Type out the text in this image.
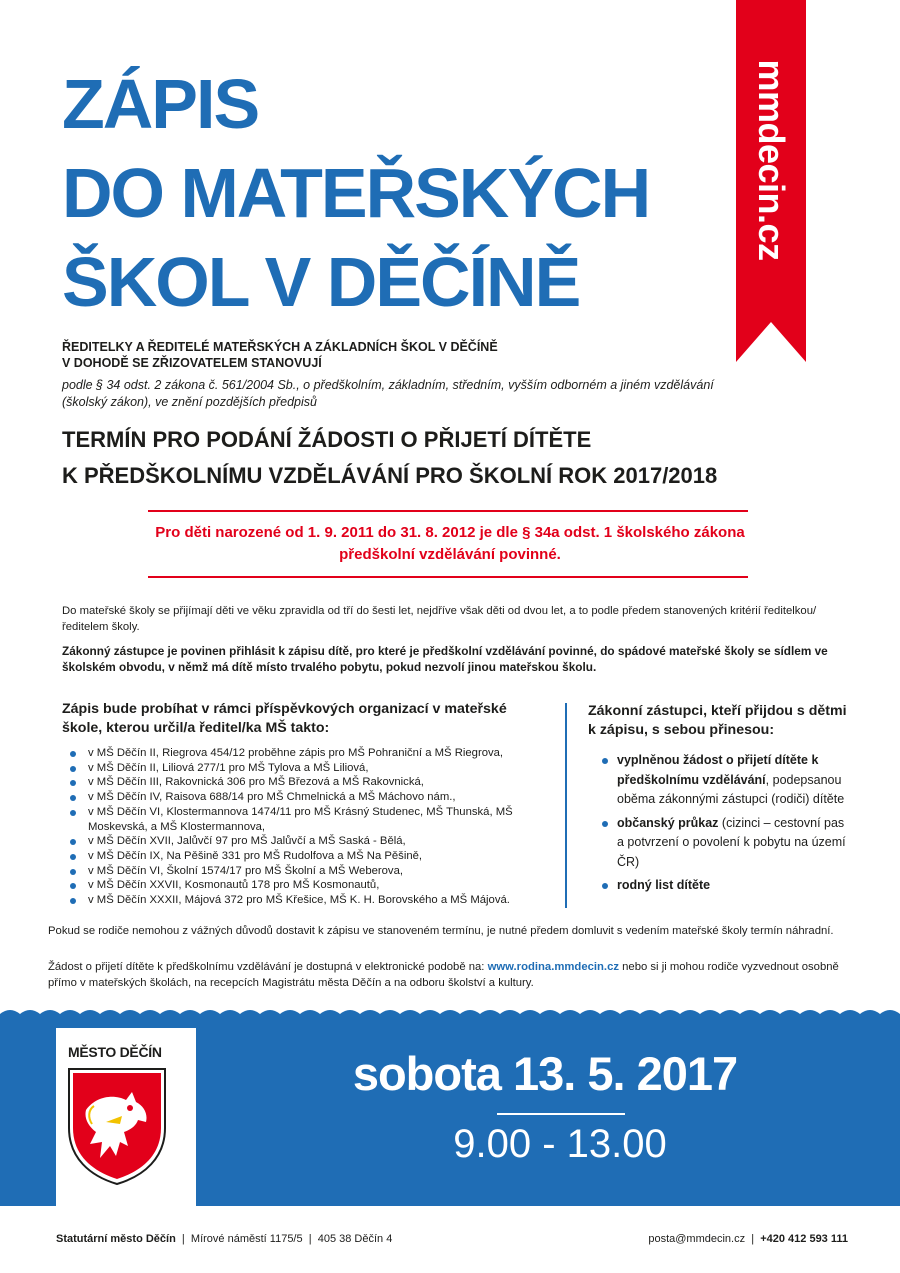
ZÁPIS
DO MATEŘSKÝCH
ŠKOL V DĚČÍNĚ
mmdecin.cz
ŘEDITELKY A ŘEDITELÉ MATEŘSKÝCH A ZÁKLADNÍCH ŠKOL V DĚČÍNĚ
V DOHODĚ SE ZŘIZOVATELEM STANOVUJÍ
podle § 34 odst. 2 zákona č. 561/2004 Sb., o předškolním, základním, středním, vyšším odborném a jiném vzdělávání (školský zákon), ve znění pozdějších předpisů
TERMÍN PRO PODÁNÍ ŽÁDOSTI O PŘIJETÍ DÍTĚTE
K PŘEDŠKOLNÍMU VZDĚLÁVÁNÍ PRO ŠKOLNÍ ROK 2017/2018
Pro děti narozené od 1. 9. 2011 do 31. 8. 2012 je dle § 34a odst. 1 školského zákona
předškolní vzdělávání povinné.
Do mateřské školy se přijímají děti ve věku zpravidla od tří do šesti let, nejdříve však děti od dvou let, a to podle předem stanovených kritérií ředitelkou/ředitelem školy.
Zákonný zástupce je povinen přihlásit k zápisu dítě, pro které je předškolní vzdělávání povinné, do spádové mateřské školy se sídlem ve školském obvodu, v němž má dítě místo trvalého pobytu, pokud nezvolí jinou mateřskou školu.
Zápis bude probíhat v rámci příspěvkových organizací v mateřské škole, kterou určil/a ředitel/ka MŠ takto:
v MŠ Děčín II, Riegrova 454/12 proběhne zápis pro MŠ Pohraniční a MŠ Riegrova,
v MŠ Děčín II, Liliová 277/1 pro MŠ Tylova a MŠ Liliová,
v MŠ Děčín III, Rakovnická 306 pro MŠ Březová a MŠ Rakovnická,
v MŠ Děčín IV, Raisova 688/14 pro MŠ Chmelnická a MŠ Máchovo nám.,
v MŠ Děčín VI, Klostermannova 1474/11 pro MŠ Krásný Studenec, MŠ Thunská, MŠ Moskevská, a MŠ Klostermannova,
v MŠ Děčín XVII, Jalůvčí 97 pro MŠ Jalůvčí a MŠ Saská - Bělá,
v MŠ Děčín IX, Na Pěšině 331 pro MŠ Rudolfova a MŠ Na Pěšině,
v MŠ Děčín VI, Školní 1574/17 pro MŠ Školní a MŠ Weberova,
v MŠ Děčín XXVII, Kosmonautů 178 pro MŠ Kosmonautů,
v MŠ Děčín XXXII, Májová 372 pro MŠ Křešice, MŠ K. H. Borovského a MŠ Májová.
Zákonní zástupci, kteří přijdou s dětmi k zápisu, s sebou přinesou:
vyplněnou žádost o přijetí dítěte k předškolnímu vzdělávání, podepsanou oběma zákonnými zástupci (rodiči) dítěte
občanský průkaz (cizinci – cestovní pas a potvrzení o povolení k pobytu na území ČR)
rodný list dítěte
Pokud se rodiče nemohou z vážných důvodů dostavit k zápisu ve stanoveném termínu, je nutné předem domluvit s vedením mateřské školy termín náhradní.
Žádost o přijetí dítěte k předškolnímu vzdělávání je dostupná v elektronické podobě na: www.rodina.mmdecin.cz nebo si ji mohou rodiče vyzvednout osobně přímo v mateřských školách, na recepcích Magistrátu města Děčín a na odboru školství a kultury.
MĚSTO DĚČÍN	sobota 13. 5. 2017
9.00 - 13.00
Statutární město Děčín  |  Mírové náměstí 1175/5  |  405 38 Děčín 4	posta@mmdecin.cz  |  +420 412 593 111
